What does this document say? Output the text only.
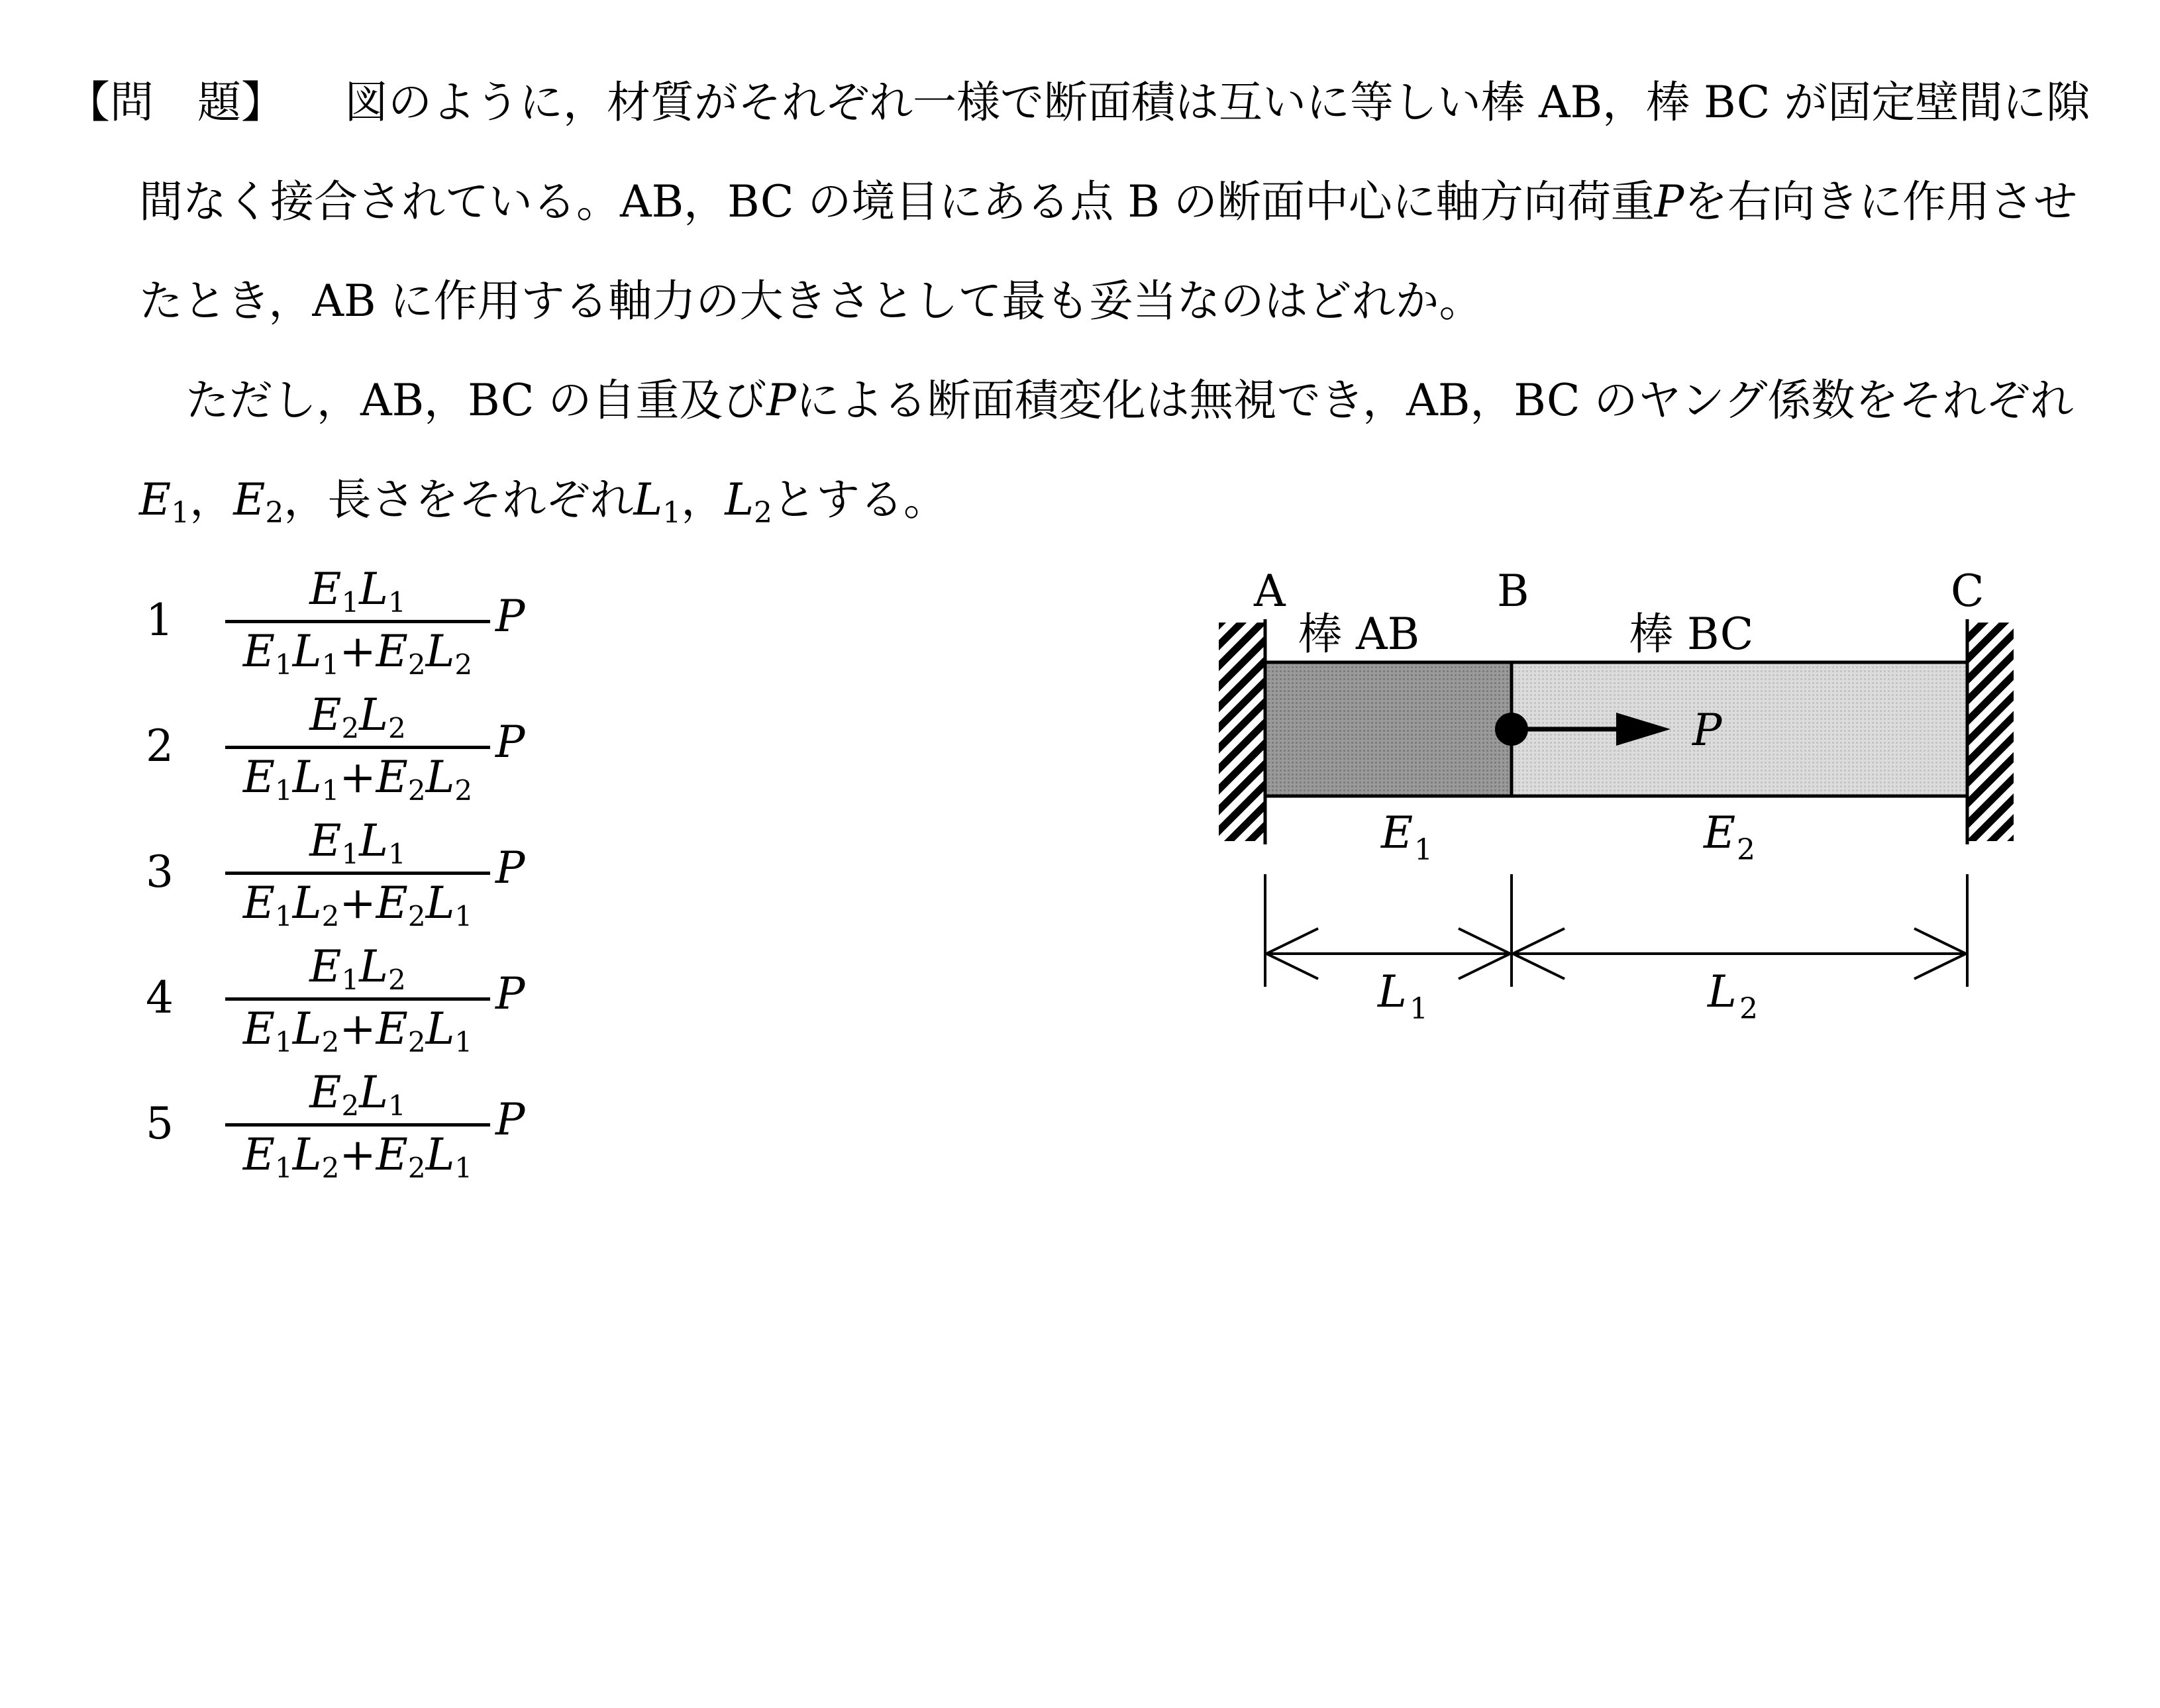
【問　題】 図のように，材質がそれぞれ一様で断面積は互いに等しい棒 AB，棒 BC が固定壁間に隙
間なく接合されている。AB，BC の境目にある点 B の断面中心に軸方向荷重Pを右向きに作用させ
たとき，AB に作用する軸力の大きさとして最も妥当なのはどれか。
ただし，AB，BC の自重及びPによる断面積変化は無視でき，AB，BC のヤング係数をそれぞれ
$E_1$，$E_2$，長さをそれぞれ$L_1$，$L_2$とする。
1
$E_1L_1$
$E_1L_1+E_2L_2$
P
2
$E_2L_2$
$E_1L_1+E_2L_2$
P
3
$E_1L_1$
$E_1L_2+E_2L_1$
P
4
$E_1L_2$
$E_1L_2+E_2L_1$
P
5
$E_2L_1$
$E_1L_2+E_2L_1$
P
P
A	B	C
棒 AB	棒 BC
E 1	E 2
L 1	L 2
